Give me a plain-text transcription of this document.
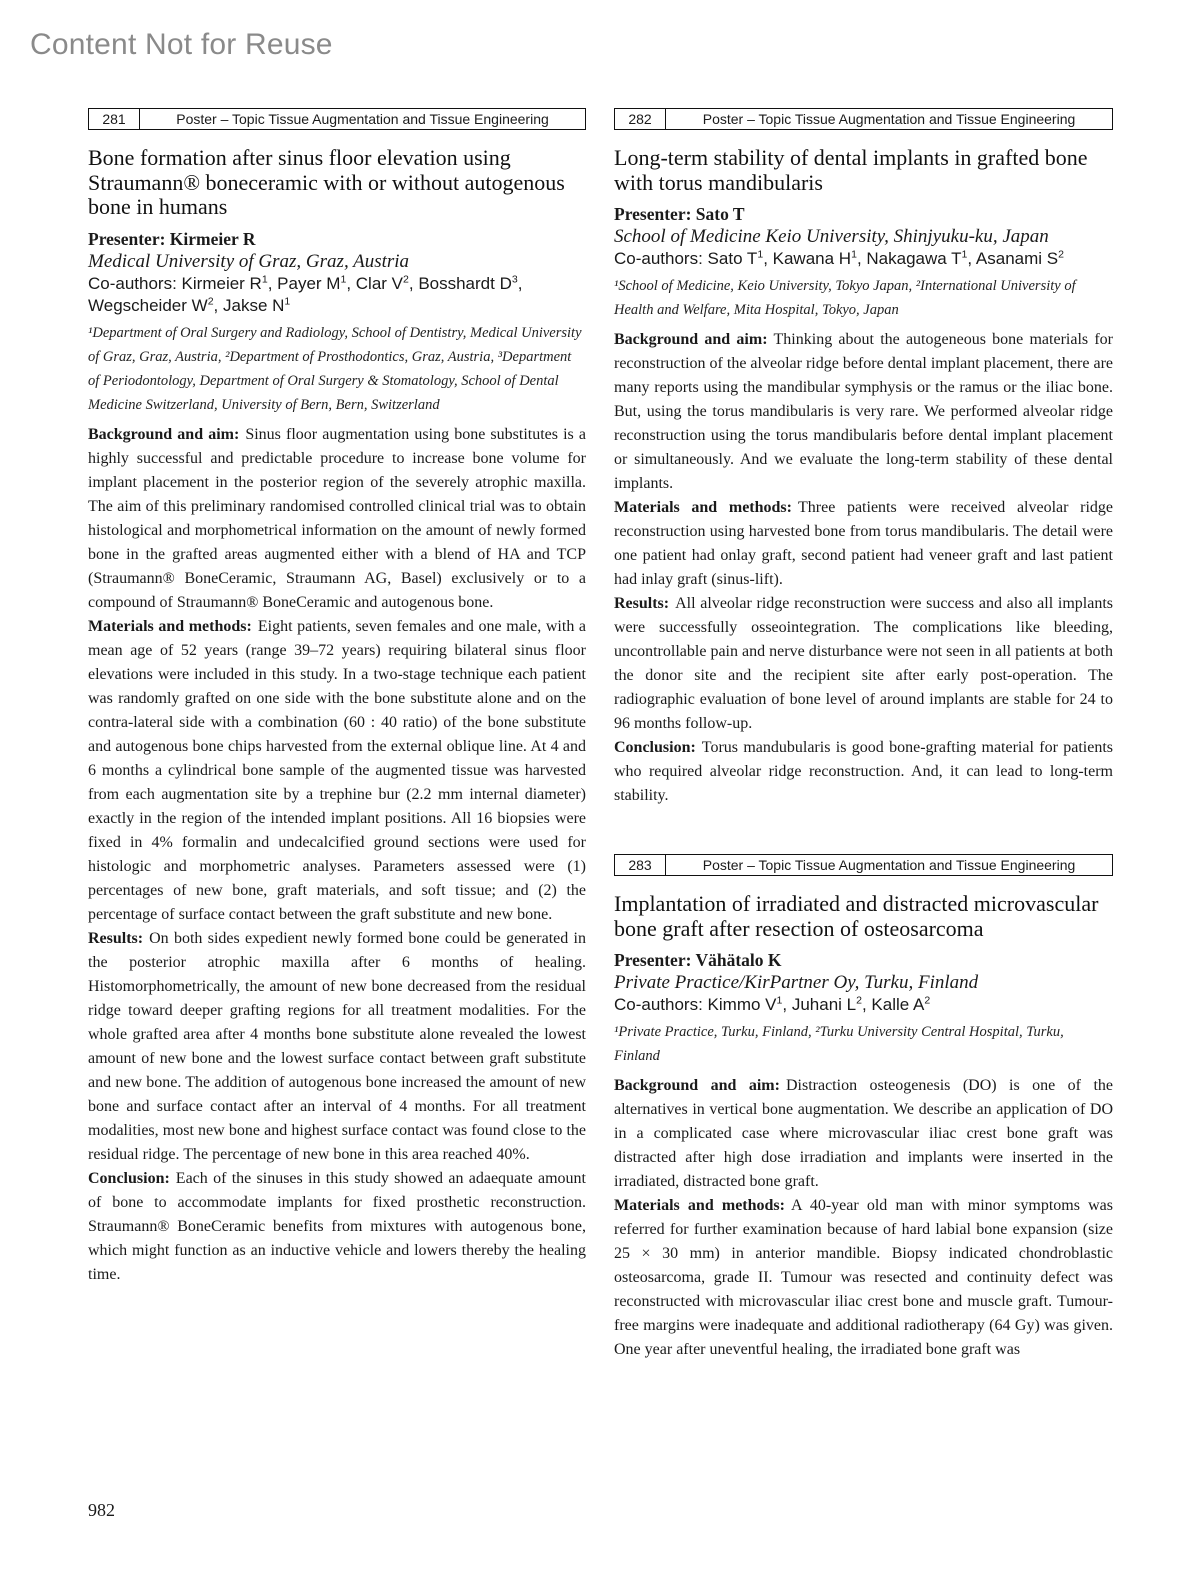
Content Not for Reuse
281	Poster – Topic Tissue Augmentation and Tissue Engineering
Bone formation after sinus floor elevation using Straumann® boneceramic with or without autogenous bone in humans

Presenter: Kirmeier R

Medical University of Graz, Graz, Austria

Co-authors: Kirmeier $R^1$, Payer $M^1$, Clar $V^2$, Bosshardt $D^3$, Wegscheider $W^2$, Jakse $N^1$

¹Department of Oral Surgery and Radiology, School of Dentistry, Medical University of Graz, Graz, Austria, ²Department of Prosthodontics, Graz, Austria, ³Department of Periodontology, Department of Oral Surgery & Stomatology, School of Dental Medicine Switzerland, University of Bern, Bern, Switzerland

Background and aim: Sinus floor augmentation using bone substitutes is a highly successful and predictable procedure to increase bone volume for implant placement in the posterior region of the severely atrophic maxilla. The aim of this preliminary randomised controlled clinical trial was to obtain histological and morphometrical information on the amount of newly formed bone in the grafted areas augmented either with a blend of HA and TCP (Straumann® BoneCeramic, Straumann AG, Basel) exclusively or to a compound of Straumann® BoneCeramic and autogenous bone.

Materials and methods: Eight patients, seven females and one male, with a mean age of 52 years (range 39–72 years) requiring bilateral sinus floor elevations were included in this study. In a two-stage technique each patient was randomly grafted on one side with the bone substitute alone and on the contra-lateral side with a combination (60 : 40 ratio) of the bone substitute and autogenous bone chips harvested from the external oblique line. At 4 and 6 months a cylindrical bone sample of the augmented tissue was harvested from each augmentation site by a trephine bur (2.2 mm internal diameter) exactly in the region of the intended implant positions. All 16 biopsies were fixed in 4% formalin and undecalcified ground sections were used for histologic and morphometric analyses. Parameters assessed were (1) percentages of new bone, graft materials, and soft tissue; and (2) the percentage of surface contact between the graft substitute and new bone.

Results: On both sides expedient newly formed bone could be generated in the posterior atrophic maxilla after 6 months of healing. Histomorphometrically, the amount of new bone decreased from the residual ridge toward deeper grafting regions for all treatment modalities. For the whole grafted area after 4 months bone substitute alone revealed the lowest amount of new bone and the lowest surface contact between graft substitute and new bone. The addition of autogenous bone increased the amount of new bone and surface contact after an interval of 4 months. For all treatment modalities, most new bone and highest surface contact was found close to the residual ridge. The percentage of new bone in this area reached 40%.

Conclusion: Each of the sinuses in this study showed an adaequate amount of bone to accommodate implants for fixed prosthetic reconstruction. Straumann® BoneCeramic benefits from mixtures with autogenous bone, which might function as an inductive vehicle and lowers thereby the healing time.

282	Poster – Topic Tissue Augmentation and Tissue Engineering
Long-term stability of dental implants in grafted bone with torus mandibularis

Presenter: Sato T

School of Medicine Keio University, Shinjyuku-ku, Japan

Co-authors: Sato $T^1$, Kawana $H^1$, Nakagawa $T^1$, Asanami $S^2$

¹School of Medicine, Keio University, Tokyo Japan, ²International University of Health and Welfare, Mita Hospital, Tokyo, Japan

Background and aim: Thinking about the autogeneous bone materials for reconstruction of the alveolar ridge before dental implant placement, there are many reports using the mandibular symphysis or the ramus or the iliac bone. But, using the torus mandibularis is very rare. We performed alveolar ridge reconstruction using the torus mandibularis before dental implant placement or simultaneously. And we evaluate the long-term stability of these dental implants.

Materials and methods: Three patients were received alveolar ridge reconstruction using harvested bone from torus mandibularis. The detail were one patient had onlay graft, second patient had veneer graft and last patient had inlay graft (sinus-lift).

Results: All alveolar ridge reconstruction were success and also all implants were successfully osseointegration. The complications like bleeding, uncontrollable pain and nerve disturbance were not seen in all patients at both the donor site and the recipient site after early post-operation. The radiographic evaluation of bone level of around implants are stable for 24 to 96 months follow-up.

Conclusion: Torus mandubularis is good bone-grafting material for patients who required alveolar ridge reconstruction. And, it can lead to long-term stability.

283	Poster – Topic Tissue Augmentation and Tissue Engineering
Implantation of irradiated and distracted microvascular bone graft after resection of osteosarcoma

Presenter: Vähätalo K

Private Practice/KirPartner Oy, Turku, Finland

Co-authors: Kimmo $V^1$, Juhani $L^2$, Kalle $A^2$

¹Private Practice, Turku, Finland, ²Turku University Central Hospital, Turku, Finland

Background and aim: Distraction osteogenesis (DO) is one of the alternatives in vertical bone augmentation. We describe an application of DO in a complicated case where microvascular iliac crest bone graft was distracted after high dose irradiation and implants were inserted in the irradiated, distracted bone graft.

Materials and methods: A 40-year old man with minor symptoms was referred for further examination because of hard labial bone expansion (size 25 × 30 mm) in anterior mandible. Biopsy indicated chondroblastic osteosarcoma, grade II. Tumour was resected and continuity defect was reconstructed with microvascular iliac crest bone and muscle graft. Tumour-free margins were inadequate and additional radiotherapy (64 Gy) was given. One year after uneventful healing, the irradiated bone graft was

982
